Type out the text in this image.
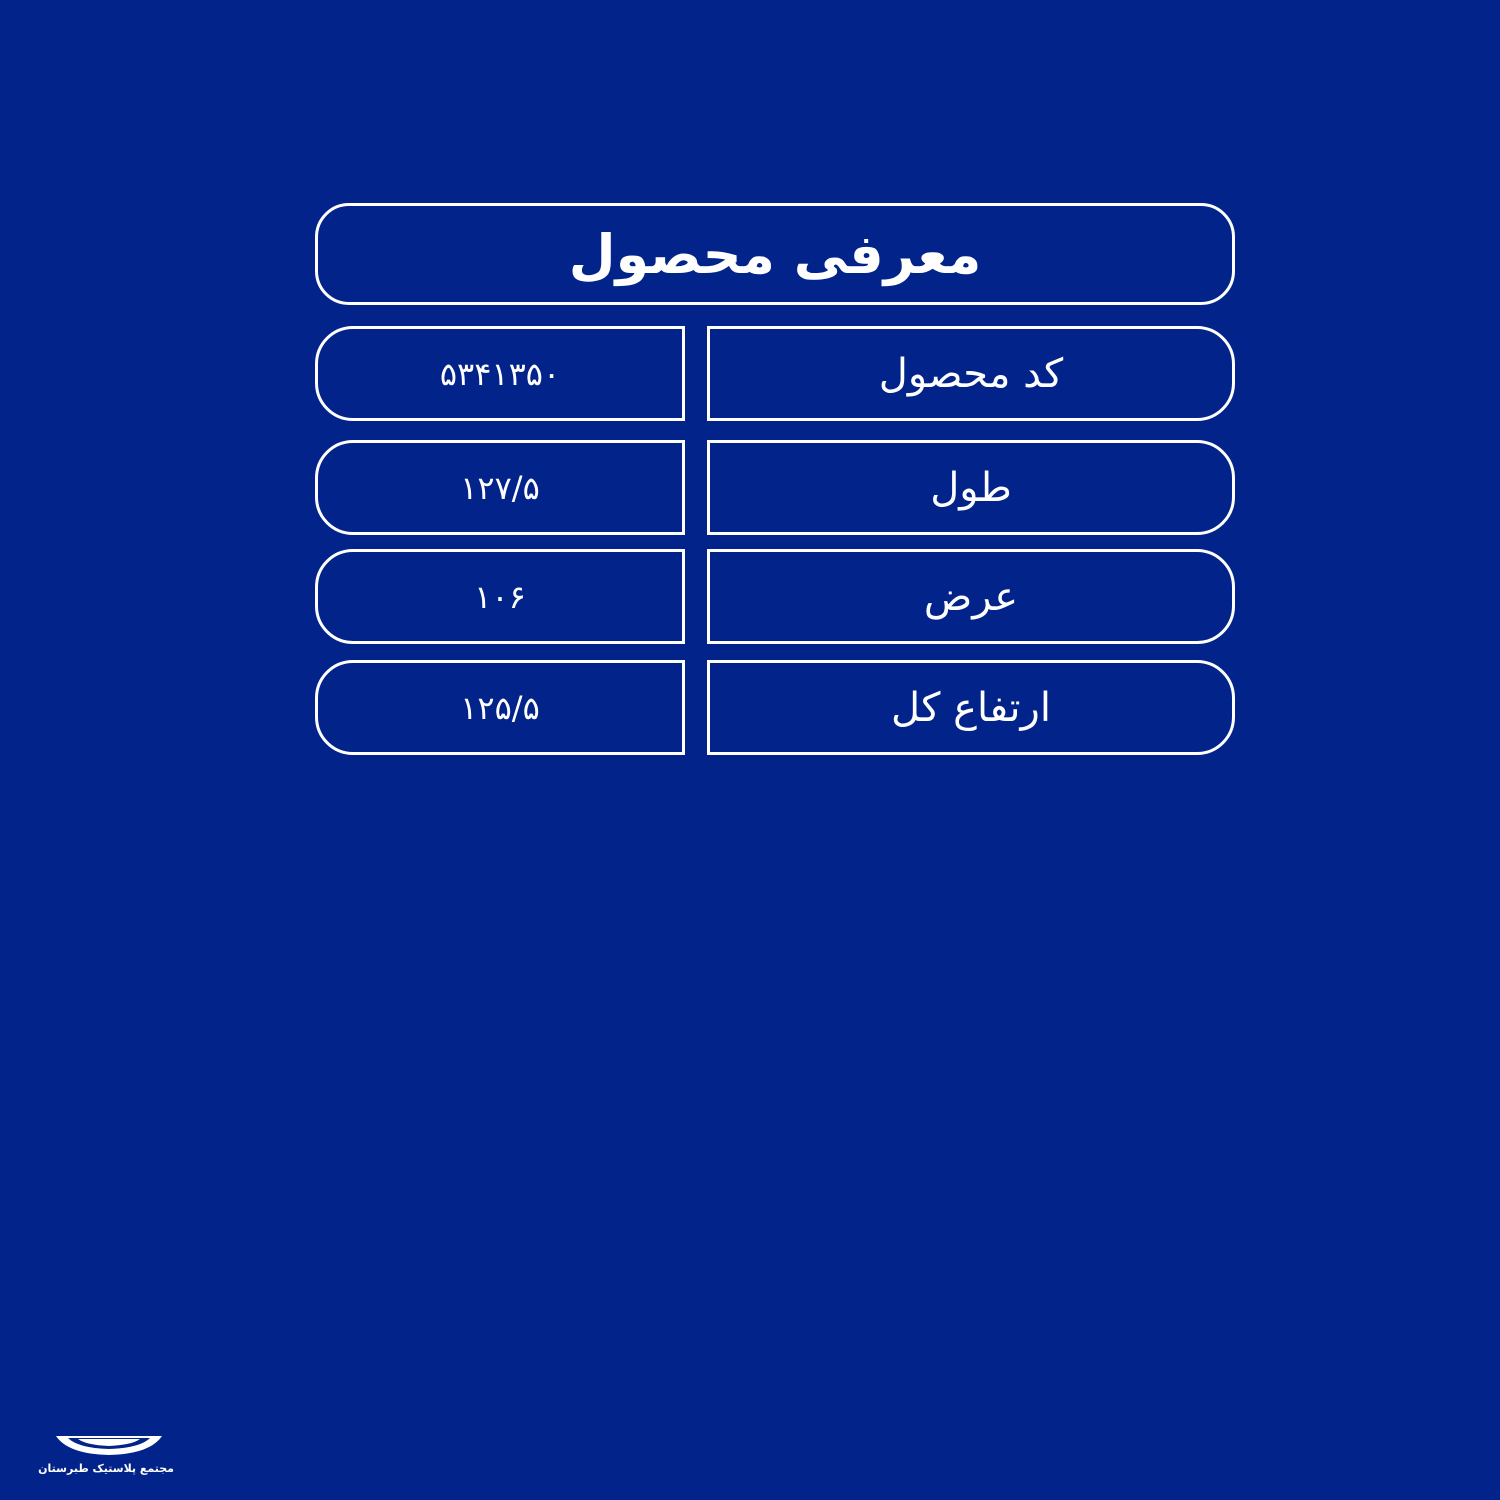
معرفی محصول
۵۳۴۱۳۵۰	کد محصول
۱۲۷/۵	طول
۱۰۶	عرض
۱۲۵/۵	ارتفاع کل
مجتمع پلاستیک طبرستان
